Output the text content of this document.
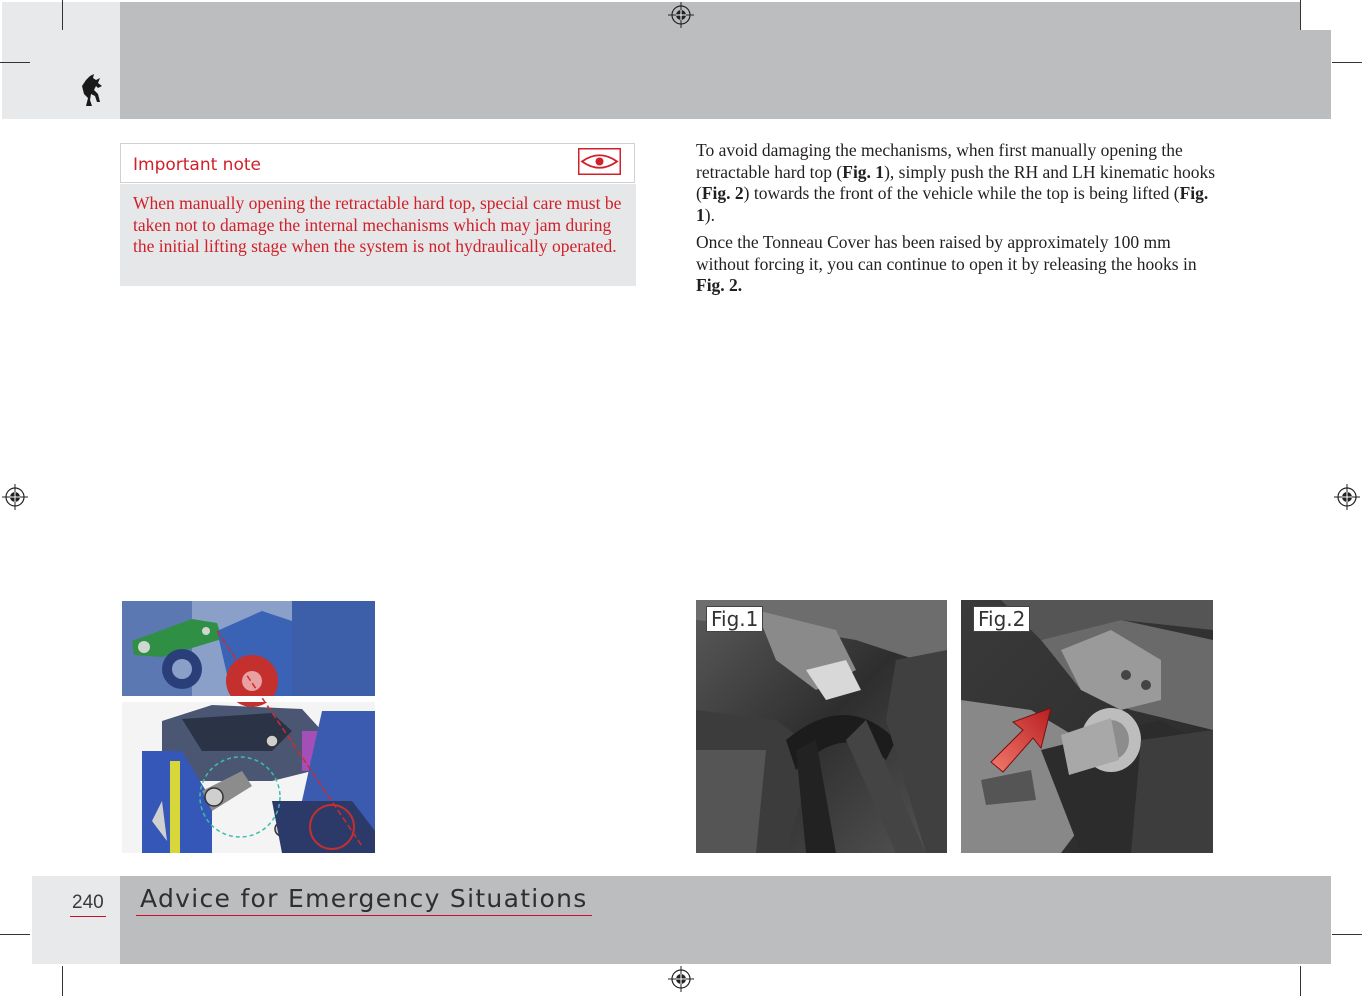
Important note
When manually opening the retractable hard top, special care must be taken not to damage the internal mechanisms which may jam during the initial lifting stage when the system is not hydraulically operated.

To avoid damaging the mechanisms, when first manually opening the retractable hard top (Fig. 1), simply push the RH and LH kinematic hooks (Fig. 2) towards the front of the vehicle while the top is being lifted (Fig. 1).

Once the Tonneau Cover has been raised by approximately 100 mm without forcing it, you can continue to open it by releasing the hooks in Fig. 2.

Fig.1	Fig.2
240 Advice for Emergency Situations
